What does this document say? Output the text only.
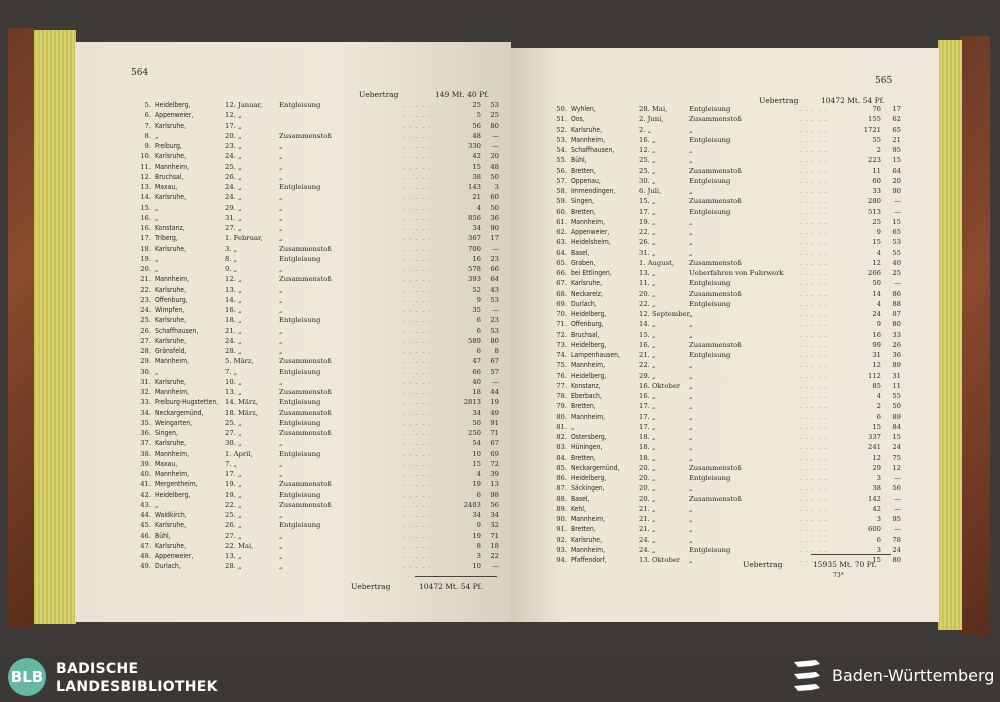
564
Uebertrag	149 Mt. 40 Pf.
5. Heidelberg,	12. Januar, Entgleisung	25	53
. . . . .
6. Appenweier,	12. „	5	25
. . . . .
7. Karlsruhe,	17. „	56	80
. . . . .
8. „	20. „	Zusammenstoß	48	—
. . . . .
9. Freiburg,	23. „	„	330	—
. . . . .
10. Karlsruhe,	24. „	„	42	20
. . . . .
11. Mannheim,	25. „	„	15	48
. . . . .
12. Bruchsal,	26. „	„	38	50
. . . . .
13. Maxau,	24. „	Entgleisung	143	3
. . . . .
14. Karlsruhe,	24. „	„	21	60
. . . . .
15. „	29. „	„	4	50
. . . . .
16. „	31. „	„	856	36
. . . . .
16. Konstanz,	27. „	„	34	90
. . . . .
17. Triberg,	1. Februar, „	367	17
. . . . .
18. Karlsruhe,	3. „	Zusammenstoß	700	—
. . . . .
19. „	8. „	Entgleisung	16	23
. . . . .
20. „	9. „	„	578	66
. . . . .
21. Mannheim,	12. „	Zusammenstoß	393	64
. . . . .
22. Karlsruhe,	13. „	„	52	43
. . . . .
23. Offenburg,	14. „	„	9	53
. . . . .
24. Wimpfen,	16. „	„	35	—
. . . . .
25. Karlsruhe,	18. „	Entgleisung	6	23
. . . . .
26. Schaffhausen,	21. „	„	6	53
. . . . .
27. Karlsruhe,	24. „	„	589	80
. . . . .
28. Gränsfeld,	28. „	„	6	8
. . . . .
29. Mannheim,	5. März,	Zusammenstoß	47	67
. . . . .
30. „	7. „	Entgleisung	66	57
. . . . .
31. Karlsruhe,	10. „	„	40	—
. . . . .
32. Mannheim,	13. „	Zusammenstoß	18	44
. . . . .
33. Freiburg-Hugstetten, 14. März,	Entgleisung	2813	19
. . . . .
34. Neckargemünd,	18. März,	Zusammenstoß	34	49
. . . . .
35. Weingarten,	25. „	Entgleisung	50	91
. . . . .
36. Singen,	27. „	Zusammenstoß	250	71
. . . . .
37. Karlsruhe,	30. „	„	54	67
. . . . .
38. Mannheim,	1. April,	Entgleisung	10	69
. . . . .
39. Maxau,	7. „	„	15	72
. . . . .
40. Mannheim,	17. „	„	4	39
. . . . .
41. Mergentheim,	19. „	Zusammenstoß	19	13
. . . . .
42. Heidelberg,	19. „	Entgleisung	6	98
. . . . .
43. „	22. „	Zusammenstoß	2403	56
. . . . .
44. Waldkirch,	25. „	„	34	34
. . . . .
45. Karlsruhe,	26. „	Entgleisung	9	32
. . . . .
46. Bühl,	27. „	„	19	71
. . . . .
47. Karlsruhe,	22. Mai,	„	8	18
. . . . .
48. Appenweier,	13. „	„	3	22
. . . . .
49. Durlach,	28. „	„	10	—
. . . . .
Uebertrag	10472 Mt. 54 Pf.
565
Uebertrag	10472 Mt. 54 Pf.
50. Wyhlen,	28. Mai,	Entgleisung	76	17
. . . . .
51. Oos,	2. Juni,	Zusammenstoß	155	62
. . . . .
52. Karlsruhe,	2. „	„	1721	65
. . . . .
53. Mannheim,	16. „	Entgleisung	55	21
. . . . .
54. Schaffhausen,	12. „	„	2	95
. . . . .
55. Bühl,	25. „	„	223	15
. . . . .
56. Bretten,	25. „	Zusammenstoß	11	64
. . . . .
57. Oppenau,	30. „	Entgleisung	60	20
. . . . .
58. Immendingen,	6. Juli,	„	33	90
. . . . .
59. Singen,	15. „	Zusammenstoß	280	—
. . . . .
60. Bretten,	17. „	Entgleisung	513	—
. . . . .
61. Mannheim,	19. „	„	25	15
. . . . .
62. Appenweier,	22. „	„	9	65
. . . . .
63. Heidelsheim,	26. „	„	15	53
. . . . .
64. Basel,	31. „	„	4	55
. . . . .
65. Graben,	1. August, Zusammenstoß	12	40
. . . . .
66. bei Ettlingen,	13. „	Ueberfahren von Fuhrwerk	266	25
. . . . .
67. Karlsruhe,	11. „	Entgleisung	50	—
. . . . .
68. Neckarelz,	20. „	Zusammenstoß	14	86
. . . . .
69. Durlach,	22. „	Entgleisung	4	88
. . . . .
70. Heidelberg,	12. September „	24	87
. . . . .
71. Offenburg,	14. „	„	9	80
. . . . .
72. Bruchsal,	15. „	„	16	33
. . . . .
73. Heidelberg,	16. „	Zusammenstoß	99	26
. . . . .
74. Lampenhausen,	21. „	Entgleisung	31	36
. . . . .
75. Mannheim,	22. „	„	12	89
. . . . .
76. Heidelberg,	29. „	„	112	31
. . . . .
77. Konstanz,	16. Oktober „	85	11
. . . . .
78. Eberbach,	16. „	„	4	55
. . . . .
79. Bretten,	17. „	„	2	50
. . . . .
80. Mannheim,	17. „	„	6	89
. . . . .
81. „	17. „	„	15	84
. . . . .
82. Ostersberg,	18. „	„	337	15
. . . . .
83. Hüningen,	18. „	„	241	24
. . . . .
84. Bretten,	18. „	„	12	75
. . . . .
85. Neckargemünd,	20. „	Zusammenstoß	29	12
. . . . .
86. Heidelberg,	20. „	Entgleisung	3	—
. . . . .
87. Säckingen,	20. „	„	38	56
. . . . .
88. Basel,	20. „	Zusammenstoß	142	—
. . . . .
89. Kehl,	21. „	„	42	—
. . . . .
90. Mannheim,	21. „	„	3	95
. . . . .
91. Bretten,	21. „	„	600	—
. . . . .
92. Karlsruhe,	24. „	„	6	78
. . . . .
93. Mannheim,	24. „	Entgleisung	3	24
. . . . .
94. Pfaffendorf,	13. Oktober „	15	80
. . . . .
Uebertrag	15935 Mt. 70 Pf.
73*
BLB BADISCHE
LANDESBIBLIOTHEK
Baden-Württemberg
